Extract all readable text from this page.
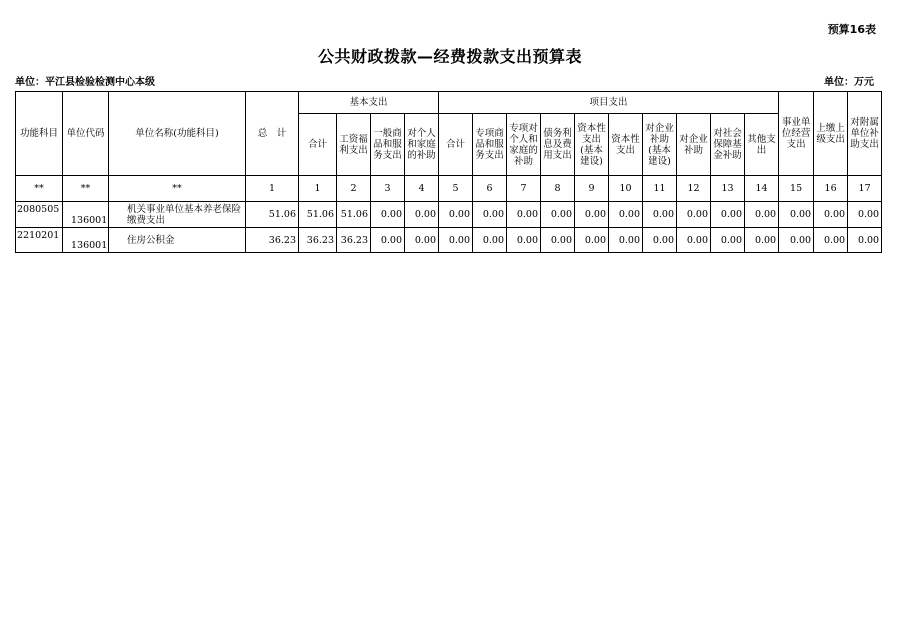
预算16表
公共财政拨款—经费拨款支出预算表
单位：平江县检验检测中心本级	单位：万元
功能科目	单位代码	单位名称(功能科目)	总　计	基本支出				项目支出										事业单位经营支出	上缴上级支出	对附属单位补助支出
				合计	工资福利支出	一般商品和服务支出	对个人和家庭的补助	合计	专项商品和服务支出	专项对个人和家庭的补助	债务利息及费用支出	资本性支出(基本建设)	资本性支出	对企业补助(基本建设)	对企业补助	对社会保障基金补助	其他支出			
**	**	**	1	1	2	3	4	5	6	7	8	9	10	11	12	13	14	15	16	17
2080505	136001	机关事业单位基本养老保险缴费支出	51.06	51.06	51.06	0.00	0.00	0.00	0.00	0.00	0.00	0.00	0.00	0.00	0.00	0.00	0.00	0.00	0.00	0.00
2210201	136001	住房公积金	36.23	36.23	36.23	0.00	0.00	0.00	0.00	0.00	0.00	0.00	0.00	0.00	0.00	0.00	0.00	0.00	0.00	0.00
